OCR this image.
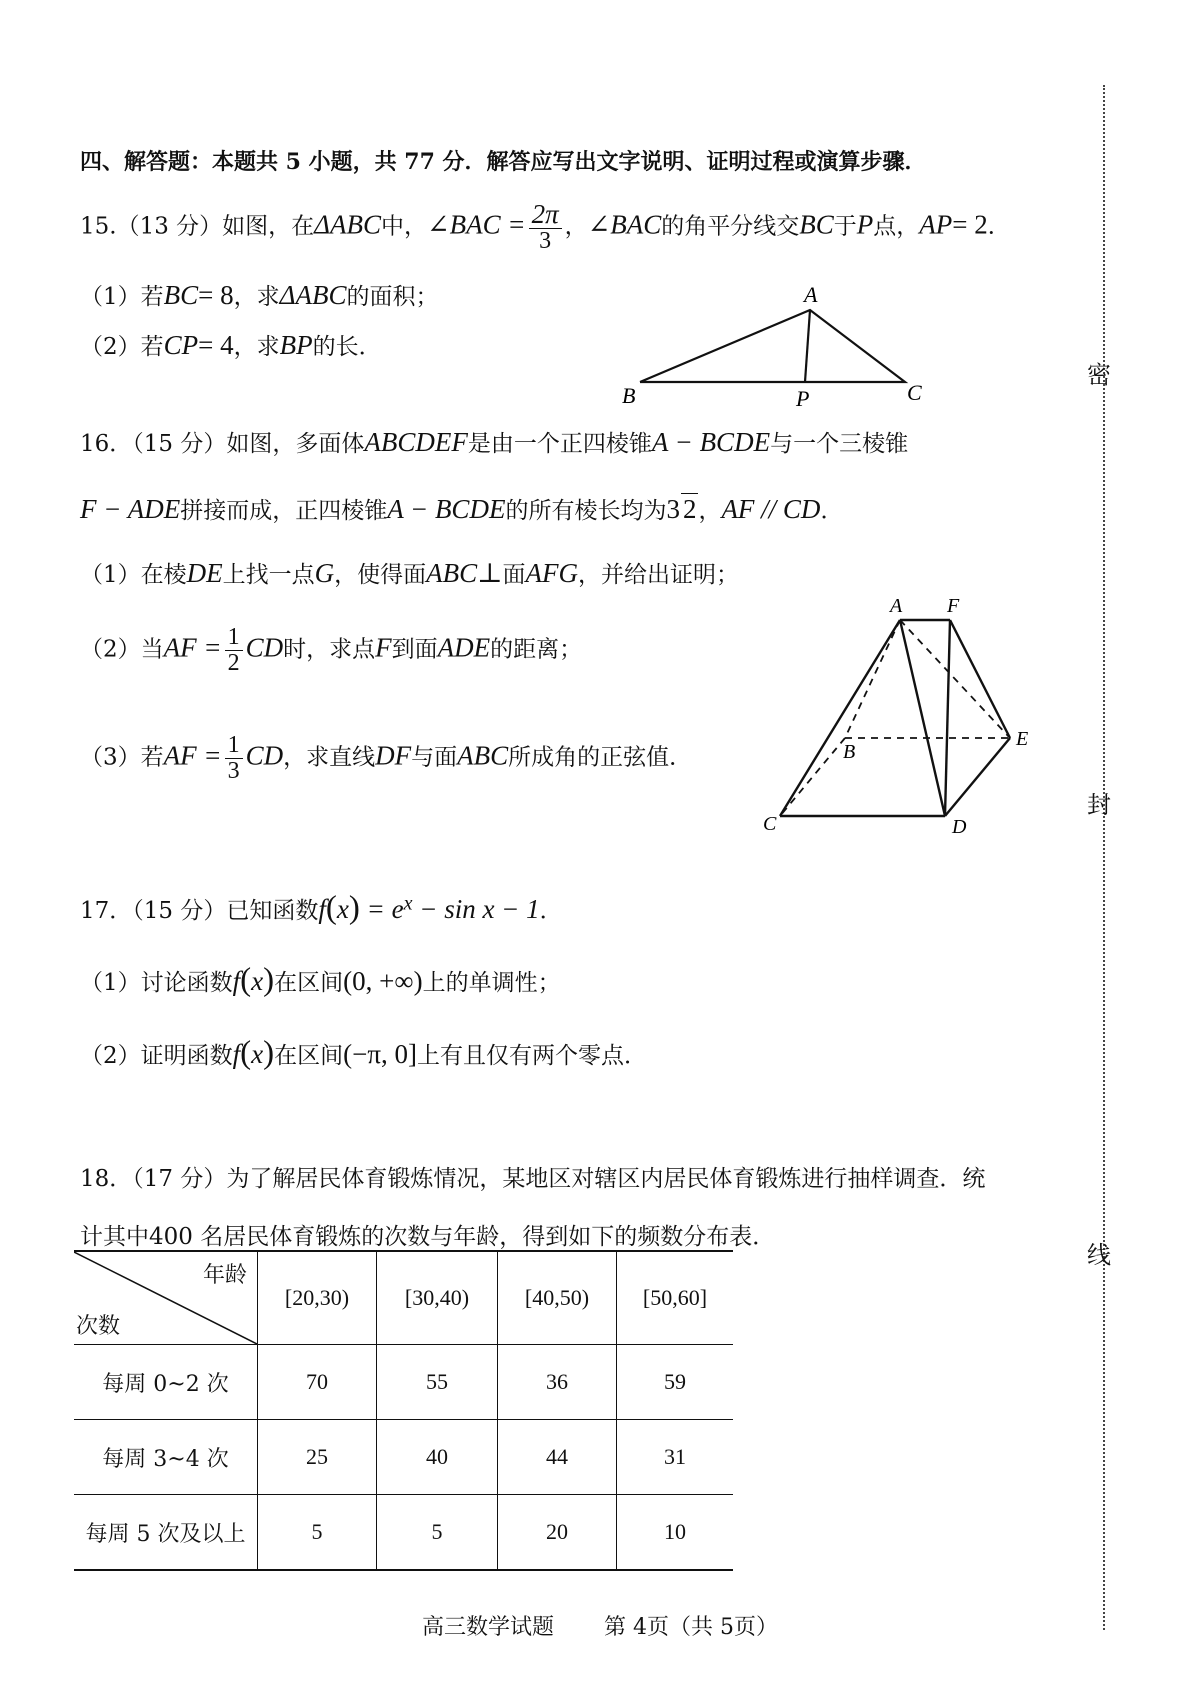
密
封
线
四、解答题：本题共 5 小题，共 77 分．解答应写出文字说明、证明过程或演算步骤．
15.（13 分）如图，在ΔABC中，∠BAC = $\frac{2\pi}{3}$ ，∠BAC的角平分线交BC于P点，AP= 2．
（1）若BC= 8，求ΔABC的面积；
（2）若CP= 4，求BP的长．
A
B	P	C
16．（15 分）如图，多面体ABCDEF是由一个正四棱锥A − BCDE与一个三棱锥
F − ADE拼接而成，正四棱锥A − BCDE的所有棱长均为3 2，AF // CD．
（1）在棱DE上找一点G，使得面ABC⊥面AFG，并给出证明；
（2）当AF = $\frac{1}{2}$ CD时，求点F到面ADE的距离；
（3）若AF = $\frac{1}{3}$ CD，求直线DF与面ABC所成角的正弦值．
A F
B
E
C	D
17．（15 分）已知函数$f(x) = e^x - \sin x - 1$．
（1）讨论函数f(x)在区间(0, +∞)上的单调性；
（2）证明函数f(x)在区间(−π, 0]上有且仅有两个零点．
18．（17 分）为了解居民体育锻炼情况，某地区对辖区内居民体育锻炼进行抽样调查．统
计其中400 名居民体育锻炼的次数与年龄，得到如下的频数分布表．
年龄
次数	[20,30)	[30,40)	[40,50)	[50,60]
每周 0~2 次	70	55	36	59
每周 3~4 次	25	40	44	31
每周 5 次及以上	5	5	20	10
高三数学试题 第 4页（共 5页）
